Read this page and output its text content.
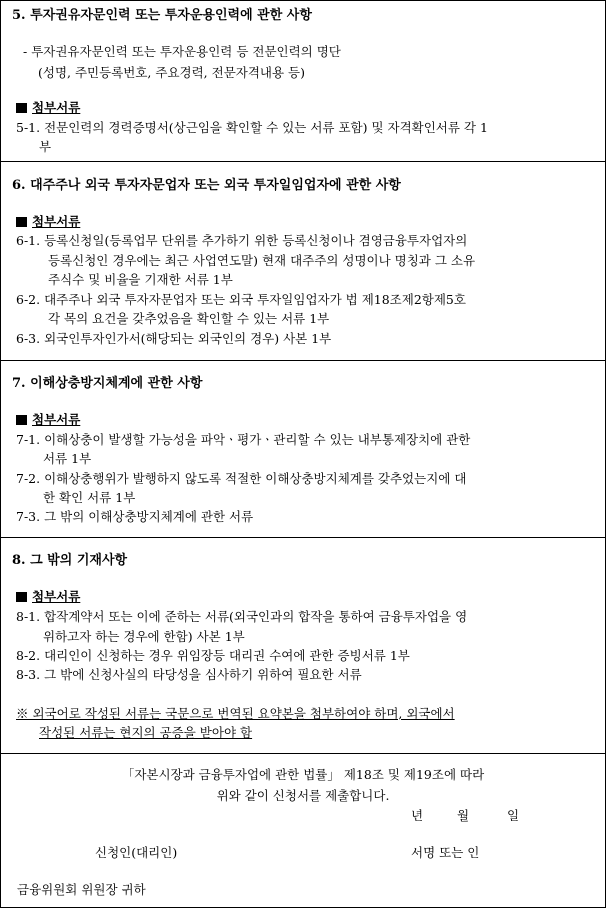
5. 투자권유자문인력 또는 투자운용인력에 관한 사항
- 투자권유자문인력 또는 투자운용인력 등 전문인력의 명단
(성명, 주민등록번호, 주요경력, 전문자격내용 등)
첨부서류
5-1. 전문인력의 경력증명서(상근임을 확인할 수 있는 서류 포함) 및 자격확인서류 각 1
부
6. 대주주나 외국 투자자문업자 또는 외국 투자일임업자에 관한 사항
첨부서류
6-1. 등록신청일(등록업무 단위를 추가하기 위한 등록신청이나 겸영금융투자업자의
등록신청인 경우에는 최근 사업연도말) 현재 대주주의 성명이나 명칭과 그 소유
주식수 및 비율을 기재한 서류 1부
6-2. 대주주나 외국 투자자문업자 또는 외국 투자일임업자가 법 제18조제2항제5호
각 목의 요건을 갖추었음을 확인할 수 있는 서류 1부
6-3. 외국인투자인가서(해당되는 외국인의 경우) 사본 1부
7. 이해상충방지체계에 관한 사항
첨부서류
7-1. 이해상충이 발생할 가능성을 파악ㆍ평가ㆍ관리할 수 있는 내부통제장치에 관한
서류 1부
7-2. 이해상충행위가 발행하지 않도록 적절한 이해상충방지체계를 갖추었는지에 대
한 확인 서류 1부
7-3. 그 밖의 이해상충방지체계에 관한 서류
8. 그 밖의 기재사항
첨부서류
8-1. 합작계약서 또는 이에 준하는 서류(외국인과의 합작을 통하여 금융투자업을 영
위하고자 하는 경우에 한함) 사본 1부
8-2. 대리인이 신청하는 경우 위임장등 대리권 수여에 관한 증빙서류 1부
8-3. 그 밖에 신청사실의 타당성을 심사하기 위하여 필요한 서류
※ 외국어로 작성된 서류는 국문으로 번역된 요약본을 첨부하여야 하며, 외국에서
작성된 서류는 현지의 공증을 받아야 함
「자본시장과 금융투자업에 관한 법률」 제18조 및 제19조에 따라
위와 같이 신청서를 제출합니다.
년	월	일
신청인(대리인)	서명 또는 인
금융위원회 위원장 귀하
